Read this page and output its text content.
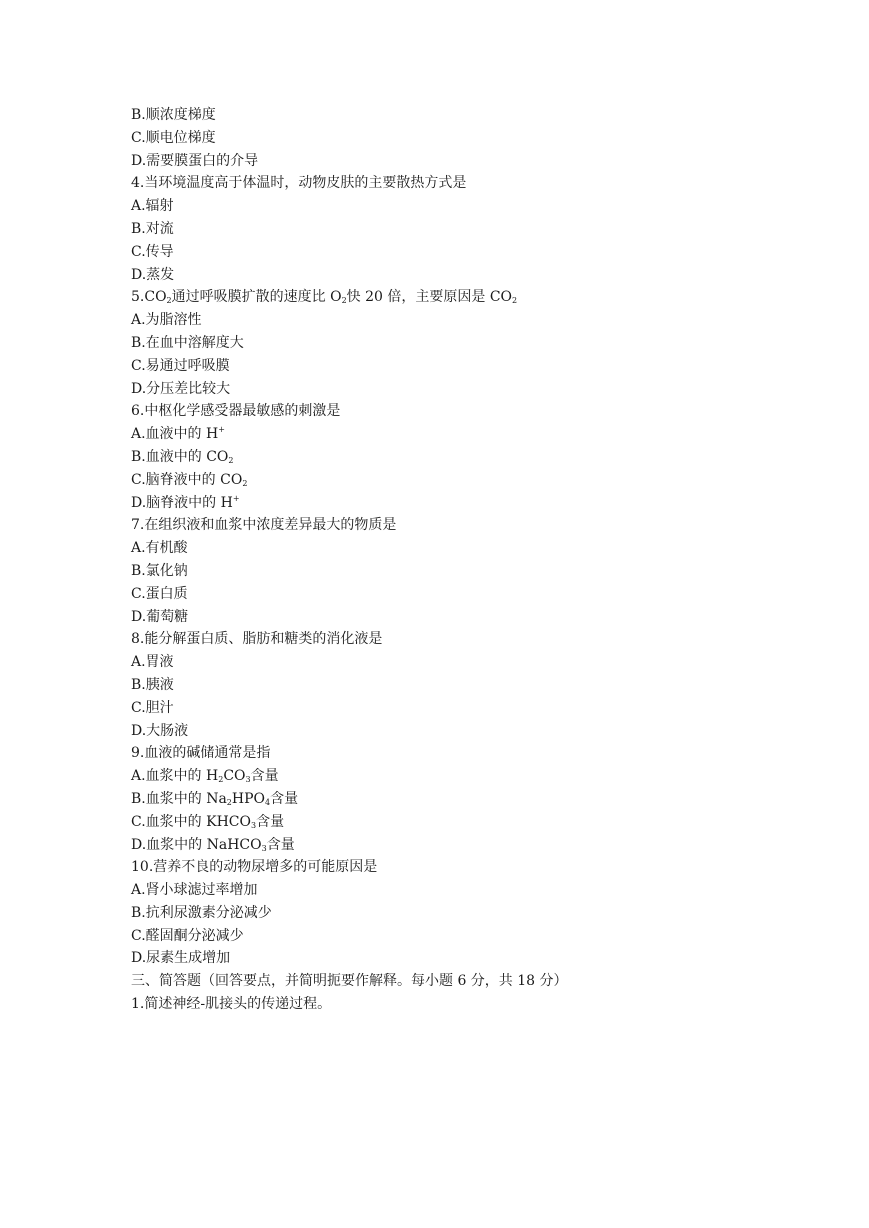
B.顺浓度梯度
C.顺电位梯度
D.需要膜蛋白的介导
4.当环境温度高于体温时，动物皮肤的主要散热方式是
A.辐射
B.对流
C.传导
D.蒸发
$5.CO_2$通过呼吸膜扩散的速度比 $O_2$快 20 倍，主要原因是 $CO_2$
A.为脂溶性
B.在血中溶解度大
C.易通过呼吸膜
D.分压差比较大
6.中枢化学感受器最敏感的刺激是
A.血液中的 H+
B.血液中的 $CO_2$
C.脑脊液中的 $CO_2$
D.脑脊液中的 H+
7.在组织液和血浆中浓度差异最大的物质是
A.有机酸
B.氯化钠
C.蛋白质
D.葡萄糖
8.能分解蛋白质、脂肪和糖类的消化液是
A.胃液
B.胰液
C.胆汁
D.大肠液
9.血液的碱储通常是指
A.血浆中的 $H_2CO_3$含量
B.血浆中的 $Na_2HPO_4$含量
C.血浆中的 $KHCO_3$含量
D.血浆中的 NaHCO$_3$含量
10.营养不良的动物尿增多的可能原因是
A.肾小球滤过率增加
B.抗利尿激素分泌减少
C.醛固酮分泌减少
D.尿素生成增加
三、简答题（回答要点，并简明扼要作解释。每小题 6 分，共 18 分）
1.简述神经-肌接头的传递过程。
